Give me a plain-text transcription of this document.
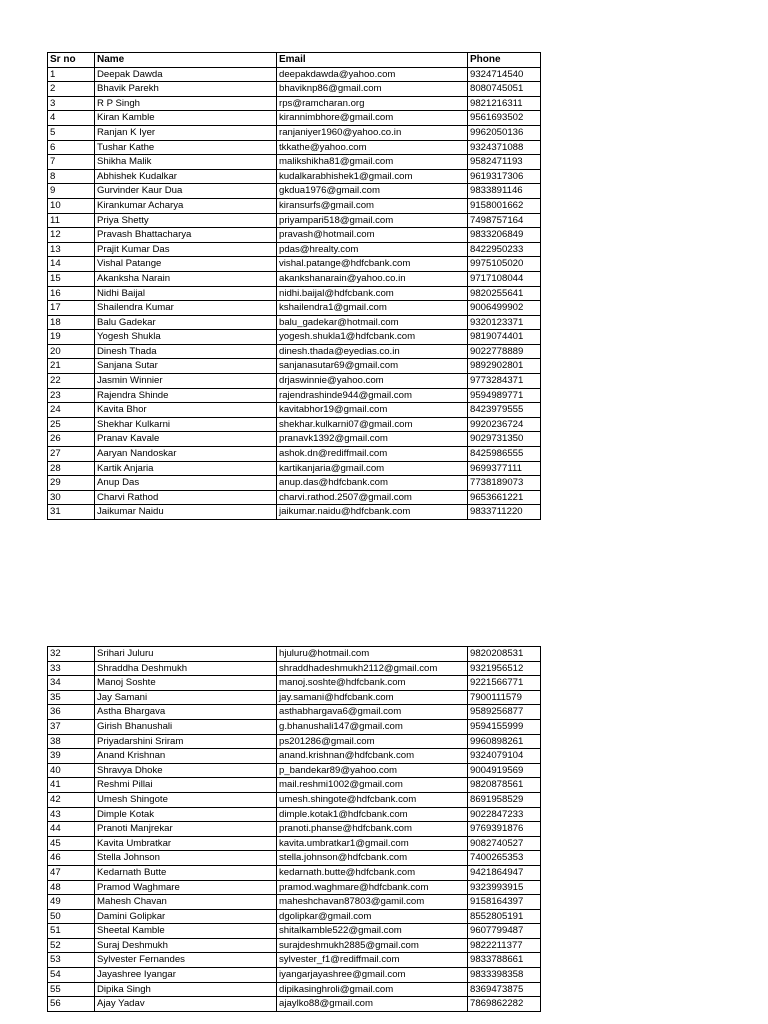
Sr no	Name	Email	Phone
1	Deepak Dawda	deepakdawda@yahoo.com	9324714540
2	Bhavik Parekh	bhaviknp86@gmail.com	8080745051
3	R P Singh	rps@ramcharan.org	9821216311
4	Kiran Kamble	kirannimbhore@gmail.com	9561693502
5	Ranjan K Iyer	ranjaniyer1960@yahoo.co.in	9962050136
6	Tushar Kathe	tkkathe@yahoo.com	9324371088
7	Shikha Malik	malikshikha81@gmail.com	9582471193
8	Abhishek Kudalkar	kudalkarabhishek1@gmail.com	9619317306
9	Gurvinder Kaur Dua	gkdua1976@gmail.com	9833891146
10	Kirankumar Acharya	kiransurfs@gmail.com	9158001662
11	Priya Shetty	priyampari518@gmail.com	7498757164
12	Pravash Bhattacharya	pravash@hotmail.com	9833206849
13	Prajit Kumar Das	pdas@hrealty.com	8422950233
14	Vishal Patange	vishal.patange@hdfcbank.com	9975105020
15	Akanksha Narain	akankshanarain@yahoo.co.in	9717108044
16	Nidhi Baijal	nidhi.baijal@hdfcbank.com	9820255641
17	Shailendra Kumar	kshailendra1@gmail.com	9006499902
18	Balu Gadekar	balu_gadekar@hotmail.com	9320123371
19	Yogesh Shukla	yogesh.shukla1@hdfcbank.com	9819074401
20	Dinesh Thada	dinesh.thada@eyedias.co.in	9022778889
21	Sanjana Sutar	sanjanasutar69@gmail.com	9892902801
22	Jasmin Winnier	drjaswinnie@yahoo.com	9773284371
23	Rajendra Shinde	rajendrashinde944@gmail.com	9594989771
24	Kavita Bhor	kavitabhor19@gmail.com	8423979555
25	Shekhar Kulkarni	shekhar.kulkarni07@gmail.com	9920236724
26	Pranav Kavale	pranavk1392@gmail.com	9029731350
27	Aaryan Nandoskar	ashok.dn@rediffmail.com	8425986555
28	Kartik Anjaria	kartikanjaria@gmail.com	9699377111
29	Anup Das	anup.das@hdfcbank.com	7738189073
30	Charvi Rathod	charvi.rathod.2507@gmail.com	9653661221
31	Jaikumar Naidu	jaikumar.naidu@hdfcbank.com	9833711220
32	Srihari Juluru	hjuluru@hotmail.com	9820208531
33	Shraddha Deshmukh	shraddhadeshmukh2112@gmail.com	9321956512
34	Manoj Soshte	manoj.soshte@hdfcbank.com	9221566771
35	Jay Samani	jay.samani@hdfcbank.com	7900111579
36	Astha Bhargava	asthabhargava6@gmail.com	9589256877
37	Girish Bhanushali	g.bhanushali147@gmail.com	9594155999
38	Priyadarshini Sriram	ps201286@gmail.com	9960898261
39	Anand Krishnan	anand.krishnan@hdfcbank.com	9324079104
40	Shravya Dhoke	p_bandekar89@yahoo.com	9004919569
41	Reshmi Pillai	mail.reshmi1002@gmail.com	9820878561
42	Umesh Shingote	umesh.shingote@hdfcbank.com	8691958529
43	Dimple Kotak	dimple.kotak1@hdfcbank.com	9022847233
44	Pranoti Manjrekar	pranoti.phanse@hdfcbank.com	9769391876
45	Kavita Umbratkar	kavita.umbratkar1@gmail.com	9082740527
46	Stella Johnson	stella.johnson@hdfcbank.com	7400265353
47	Kedarnath Butte	kedarnath.butte@hdfcbank.com	9421864947
48	Pramod Waghmare	pramod.waghmare@hdfcbank.com	9323993915
49	Mahesh Chavan	maheshchavan87803@gamil.com	9158164397
50	Damini Golipkar	dgolipkar@gmail.com	8552805191
51	Sheetal Kamble	shitalkamble522@gmail.com	9607799487
52	Suraj Deshmukh	surajdeshmukh2885@gmail.com	9822211377
53	Sylvester Fernandes	sylvester_f1@rediffmail.com	9833788661
54	Jayashree Iyangar	iyangarjayashree@gmail.com	9833398358
55	Dipika Singh	dipikasinghroli@gmail.com	8369473875
56	Ajay Yadav	ajaylko88@gmail.com	7869862282
